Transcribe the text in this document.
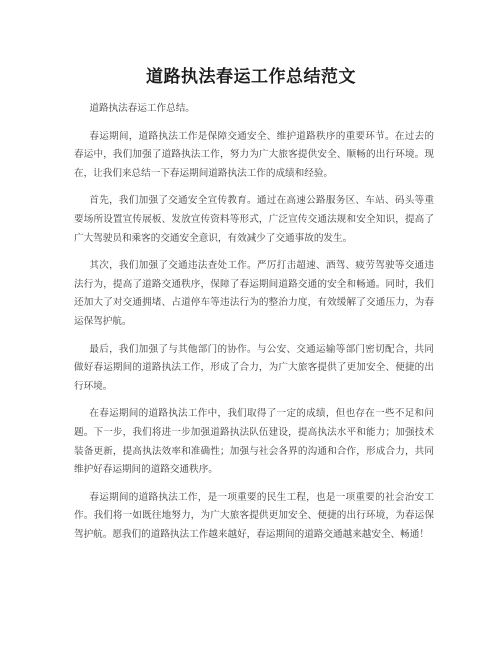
道路执法春运工作总结范文

道路执法春运工作总结。

春运期间，道路执法工作是保障交通安全、维护道路秩序的重要环节。在过去的春运中，我们加强了道路执法工作，努力为广大旅客提供安全、顺畅的出行环境。现在，让我们来总结一下春运期间道路执法工作的成绩和经验。

首先，我们加强了交通安全宣传教育。通过在高速公路服务区、车站、码头等重要场所设置宣传展板、发放宣传资料等形式，广泛宣传交通法规和安全知识，提高了广大驾驶员和乘客的交通安全意识，有效减少了交通事故的发生。

其次，我们加强了交通违法查处工作。严厉打击超速、酒驾、疲劳驾驶等交通违法行为，提高了道路交通秩序，保障了春运期间道路交通的安全和畅通。同时，我们还加大了对交通拥堵、占道停车等违法行为的整治力度，有效缓解了交通压力，为春运保驾护航。

最后，我们加强了与其他部门的协作。与公安、交通运输等部门密切配合，共同做好春运期间的道路执法工作，形成了合力，为广大旅客提供了更加安全、便捷的出行环境。

在春运期间的道路执法工作中，我们取得了一定的成绩，但也存在一些不足和问题。下一步，我们将进一步加强道路执法队伍建设，提高执法水平和能力；加强技术装备更新，提高执法效率和准确性；加强与社会各界的沟通和合作，形成合力，共同维护好春运期间的道路交通秩序。

春运期间的道路执法工作，是一项重要的民生工程，也是一项重要的社会治安工作。我们将一如既往地努力，为广大旅客提供更加安全、便捷的出行环境，为春运保驾护航。愿我们的道路执法工作越来越好，春运期间的道路交通越来越安全、畅通！
